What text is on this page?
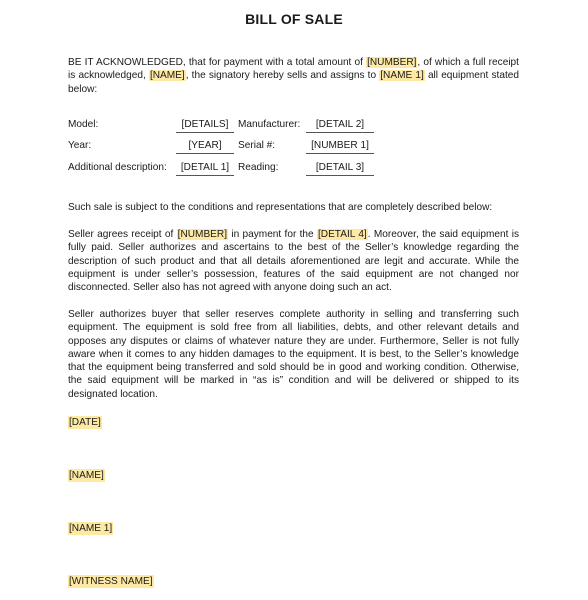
BILL OF SALE
BE IT ACKNOWLEDGED, that for payment with a total amount of [NUMBER], of which a full receipt is acknowledged, [NAME], the signatory hereby sells and assigns to [NAME 1] all equipment stated below:
Model:	[DETAILS] Manufacturer:	[DETAIL 2]
Year:	[YEAR]	Serial #:	[NUMBER 1]
Additional description:	[DETAIL 1] Reading:	[DETAIL 3]
Such sale is subject to the conditions and representations that are completely described below:
Seller agrees receipt of [NUMBER] in payment for the [DETAIL 4]. Moreover, the said equipment is fully paid. Seller authorizes and ascertains to the best of the Seller’s knowledge regarding the description of such product and that all details aforementioned are legit and accurate. While the equipment is under seller’s possession, features of the said equipment are not changed nor disconnected. Seller also has not agreed with anyone doing such an act.
Seller authorizes buyer that seller reserves complete authority in selling and transferring such equipment. The equipment is sold free from all liabilities, debts, and other relevant details and opposes any disputes or claims of whatever nature they are under. Furthermore, Seller is not fully aware when it comes to any hidden damages to the equipment. It is best, to the Seller’s knowledge that the equipment being transferred and sold should be in good and working condition. Otherwise, the said equipment will be marked in “as is” condition and will be delivered or shipped to its designated location.
[DATE]
[NAME]
[NAME 1]
[WITNESS NAME]
